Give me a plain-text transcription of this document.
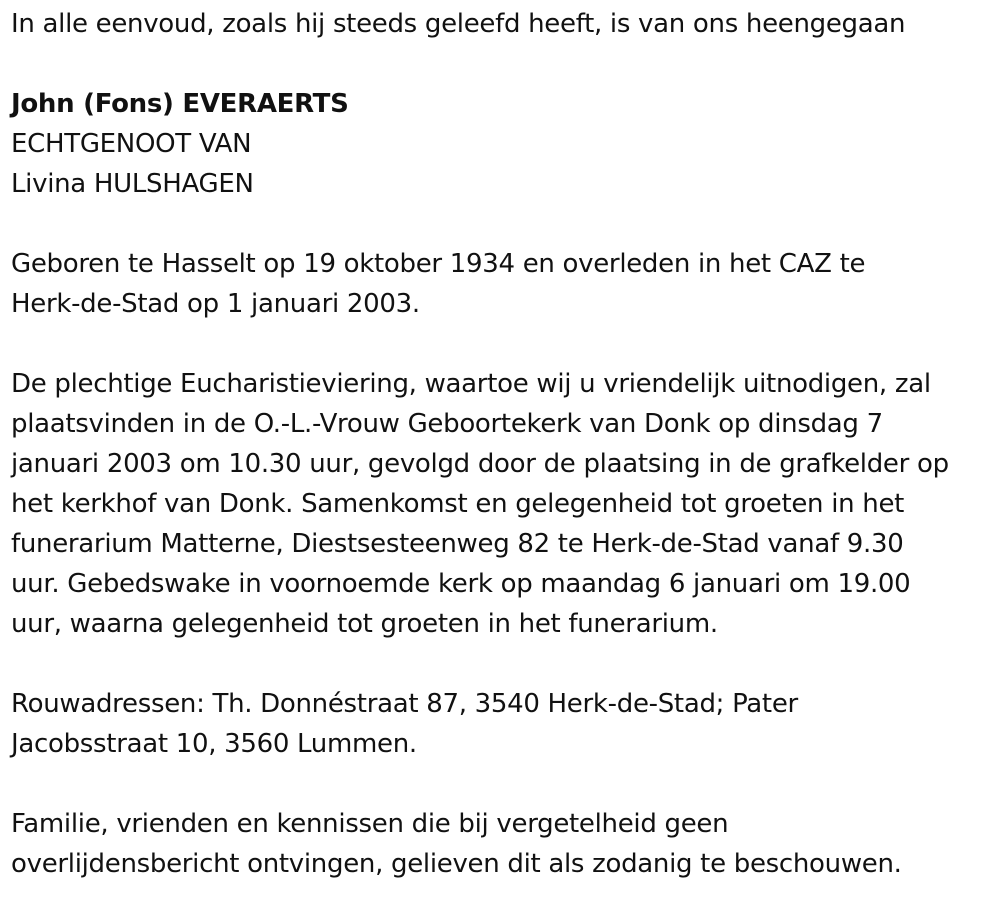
In alle eenvoud, zoals hij steeds geleefd heeft, is van ons heengegaan

John (Fons) EVERAERTS
ECHTGENOOT VAN
Livina HULSHAGEN

Geboren te Hasselt op 19 oktober 1934 en overleden in het CAZ te
Herk-de-Stad op 1 januari 2003.

De plechtige Eucharistieviering, waartoe wij u vriendelijk uitnodigen, zal
plaatsvinden in de O.-L.-Vrouw Geboortekerk van Donk op dinsdag 7
januari 2003 om 10.30 uur, gevolgd door de plaatsing in de grafkelder op
het kerkhof van Donk. Samenkomst en gelegenheid tot groeten in het
funerarium Matterne, Diestsesteenweg 82 te Herk-de-Stad vanaf 9.30
uur. Gebedswake in voornoemde kerk op maandag 6 januari om 19.00
uur, waarna gelegenheid tot groeten in het funerarium.

Rouwadressen: Th. Donnéstraat 87, 3540 Herk-de-Stad; Pater
Jacobsstraat 10, 3560 Lummen.

Familie, vrienden en kennissen die bij vergetelheid geen
overlijdensbericht ontvingen, gelieven dit als zodanig te beschouwen.
